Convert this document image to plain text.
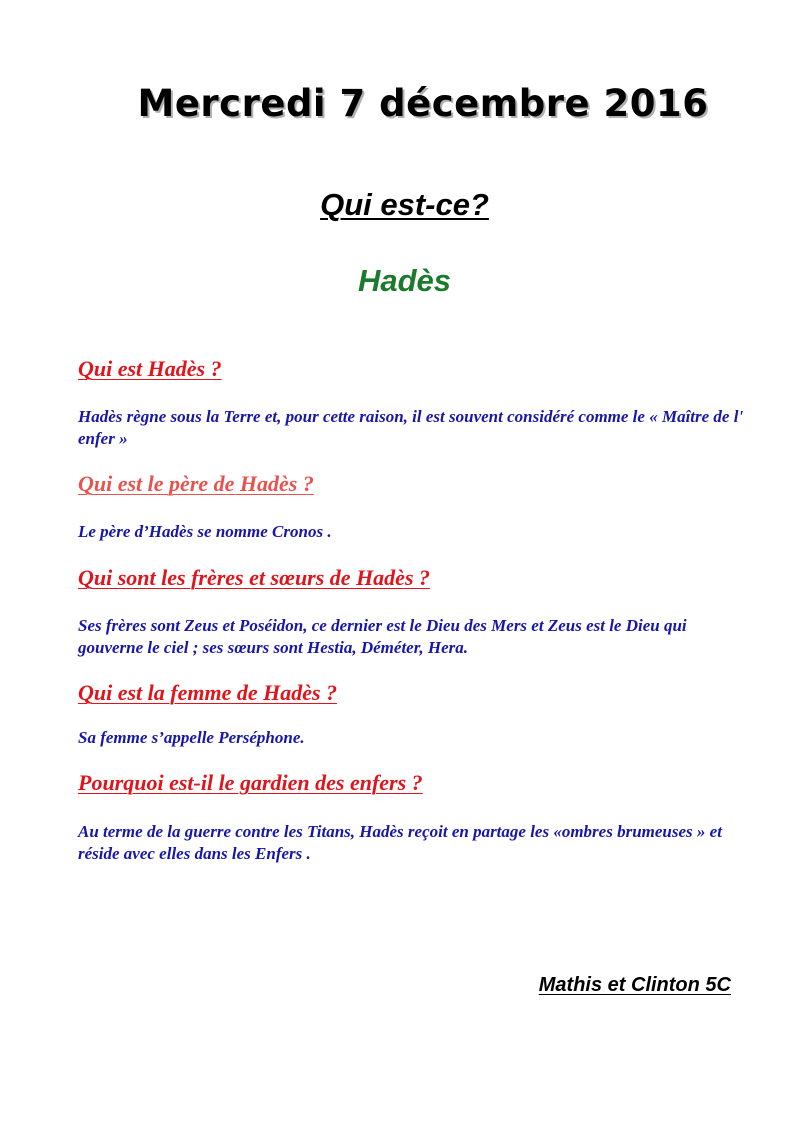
Mercredi 7 décembre 2016
Qui est-ce?
Hadès

Qui est Hadès ?

Hadès règne sous la Terre et, pour cette raison, il est souvent considéré comme le « Maître de l' enfer »

Qui est le père de Hadès ?

Le père d’Hadès se nomme Cronos .

Qui sont les frères et sœurs de Hadès ?

Ses frères sont Zeus et Poséidon, ce dernier est le Dieu des Mers et Zeus est le Dieu qui gouverne le ciel ; ses sœurs sont Hestia, Déméter, Hera.

Qui est la femme de Hadès ?

Sa femme s’appelle Perséphone.

Pourquoi est-il le gardien des enfers ?

Au terme de la guerre contre les Titans, Hadès reçoit en partage les «ombres brumeuses » et réside avec elles dans les Enfers .

Mathis et Clinton 5C
